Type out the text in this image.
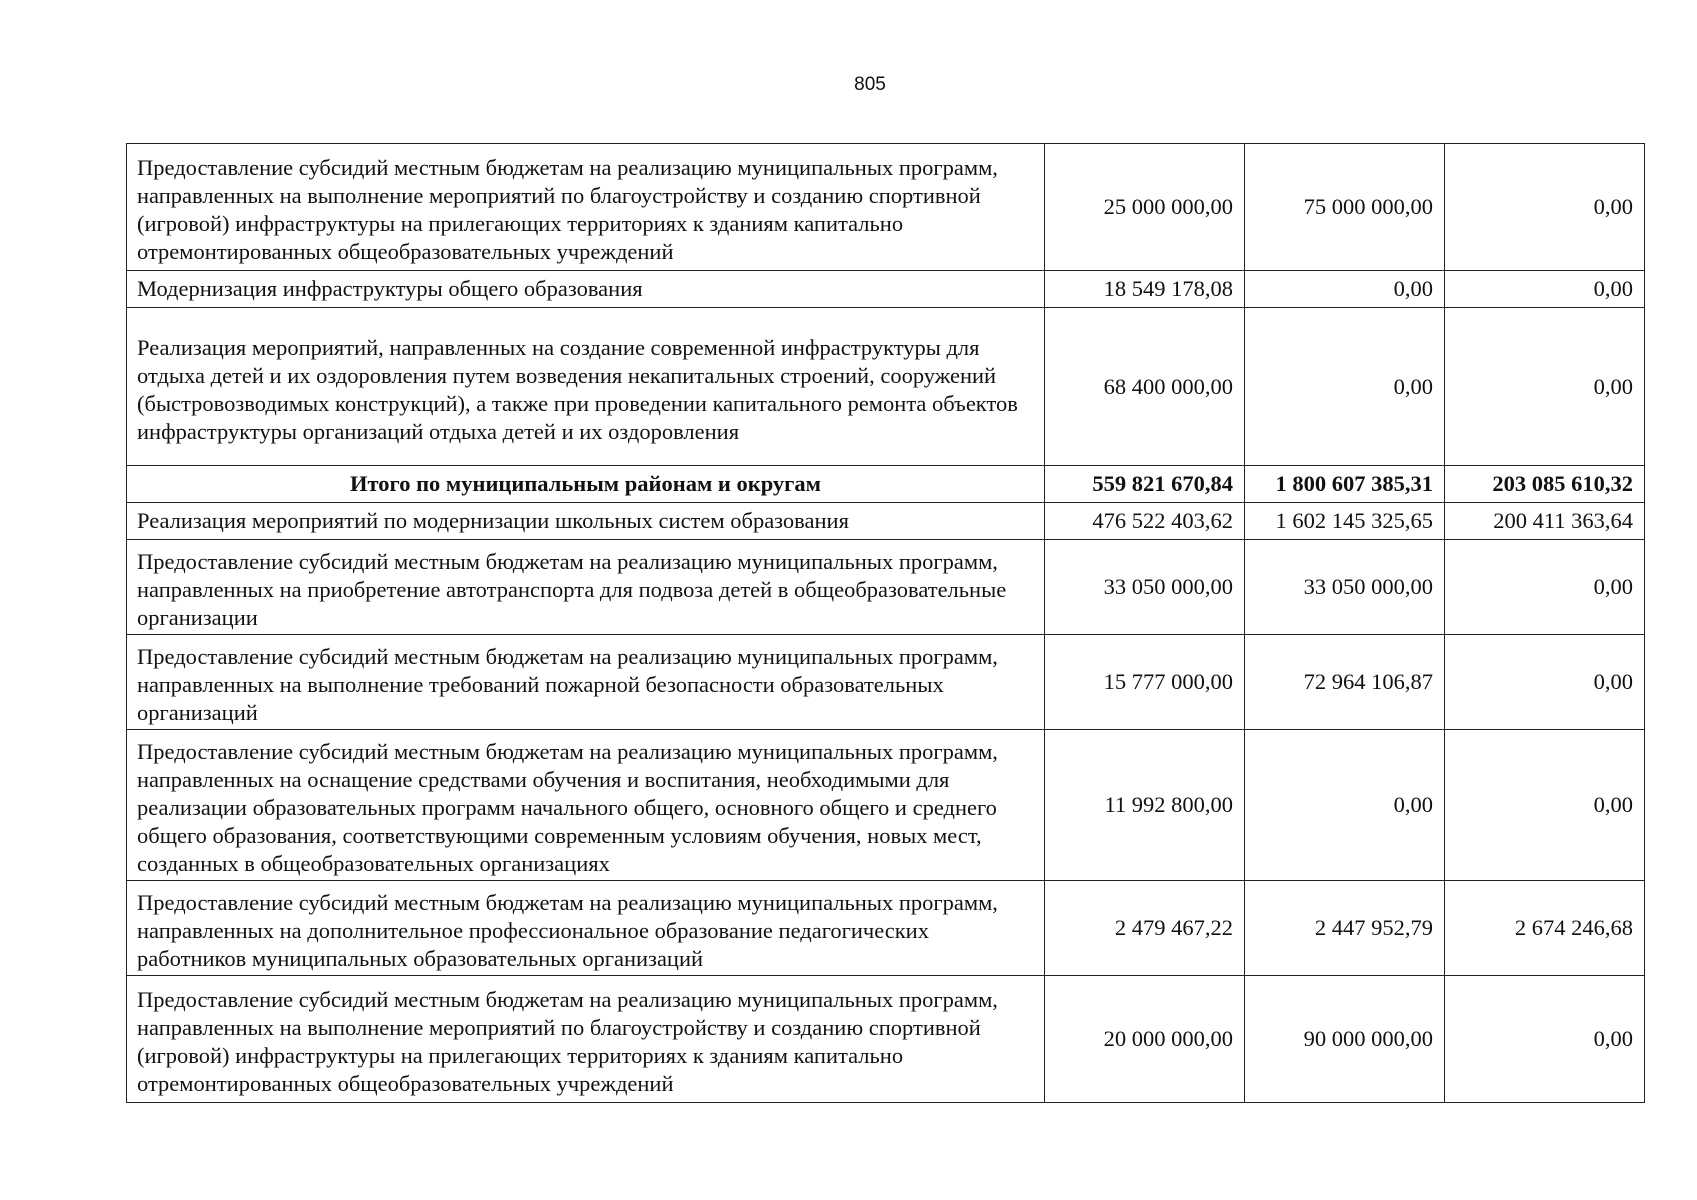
805
Предоставление субсидий местным бюджетам на реализацию муниципальных программ, направленных на выполнение мероприятий по благоустройству и созданию спортивной (игровой) инфраструктуры на прилегающих территориях к зданиям капитально отремонтированных общеобразовательных учреждений	25 000 000,00	75 000 000,00	0,00
Модернизация инфраструктуры общего образования	18 549 178,08	0,00	0,00
Реализация мероприятий, направленных на создание современной инфраструктуры для отдыха детей и их оздоровления путем возведения некапитальных строений, сооружений (быстровозводимых конструкций), а также при проведении капитального ремонта объектов инфраструктуры организаций отдыха детей и их оздоровления	68 400 000,00	0,00	0,00
Итого по муниципальным районам и округам	559 821 670,84	1 800 607 385,31	203 085 610,32
Реализация мероприятий по модернизации школьных систем образования	476 522 403,62	1 602 145 325,65	200 411 363,64
Предоставление субсидий местным бюджетам на реализацию муниципальных программ, направленных на приобретение автотранспорта для подвоза детей в общеобразовательные организации	33 050 000,00	33 050 000,00	0,00
Предоставление субсидий местным бюджетам на реализацию муниципальных программ, направленных на выполнение требований пожарной безопасности образовательных организаций	15 777 000,00	72 964 106,87	0,00
Предоставление субсидий местным бюджетам на реализацию муниципальных программ, направленных на оснащение средствами обучения и воспитания, необходимыми для реализации образовательных программ начального общего, основного общего и среднего общего образования, соответствующими современным условиям обучения, новых мест, созданных в общеобразовательных организациях	11 992 800,00	0,00	0,00
Предоставление субсидий местным бюджетам на реализацию муниципальных программ, направленных на дополнительное профессиональное образование педагогических работников муниципальных образовательных организаций	2 479 467,22	2 447 952,79	2 674 246,68
Предоставление субсидий местным бюджетам на реализацию муниципальных программ, направленных на выполнение мероприятий по благоустройству и созданию спортивной (игровой) инфраструктуры на прилегающих территориях к зданиям капитально отремонтированных общеобразовательных учреждений	20 000 000,00	90 000 000,00	0,00
